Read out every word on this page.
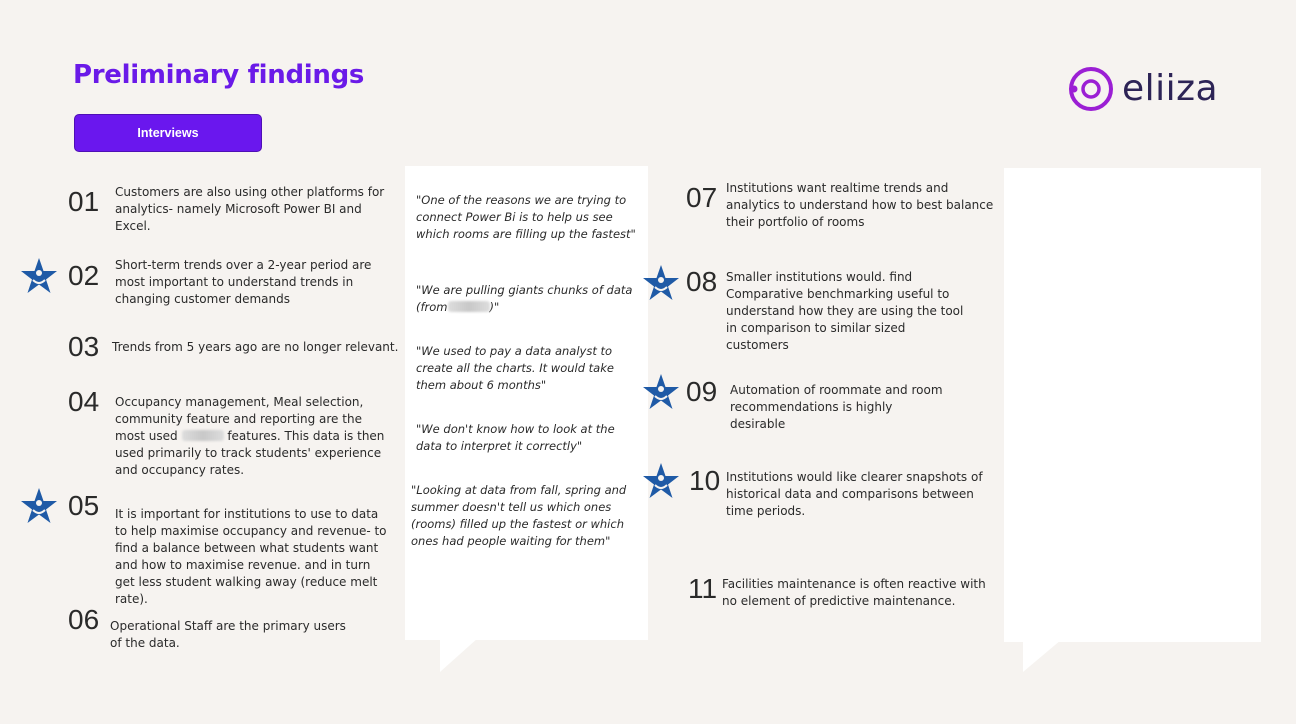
Preliminary findings
Interviews
eliiza
01 Customers are also using other platforms for analytics- namely Microsoft Power BI and Excel.
02 Short-term trends over a 2-year period are most important to understand trends in changing customer demands
03 Trends from 5 years ago are no longer relevant.
04 Occupancy management, Meal selection, community feature and reporting are the most used	features. This data is then used primarily to track students' experience and occupancy rates.
05 It is important for institutions to use to data to help maximise occupancy and revenue- to find a balance between what students want and how to maximise revenue. and in turn get less student walking away (reduce melt rate).
06 Operational Staff are the primary users of the data.
"One of the reasons we are trying to connect Power Bi is to help us see which rooms are filling up the fastest"
"We are pulling giants chunks of data (from	)"
"We used to pay a data analyst to create all the charts. It would take them about 6 months"
"We don't know how to look at the data to interpret it correctly"
"Looking at data from fall, spring and summer doesn't tell us which ones (rooms) filled up the fastest or which ones had people waiting for them"
07 Institutions want realtime trends and analytics to understand how to best balance their portfolio of rooms
08 Smaller institutions would. find Comparative benchmarking useful to understand how they are using the tool in comparison to similar sized customers
09 Automation of roommate and room recommendations is highly desirable
10 Institutions would like clearer snapshots of historical data and comparisons between time periods.
11 Facilities maintenance is often reactive with no element of predictive maintenance.
